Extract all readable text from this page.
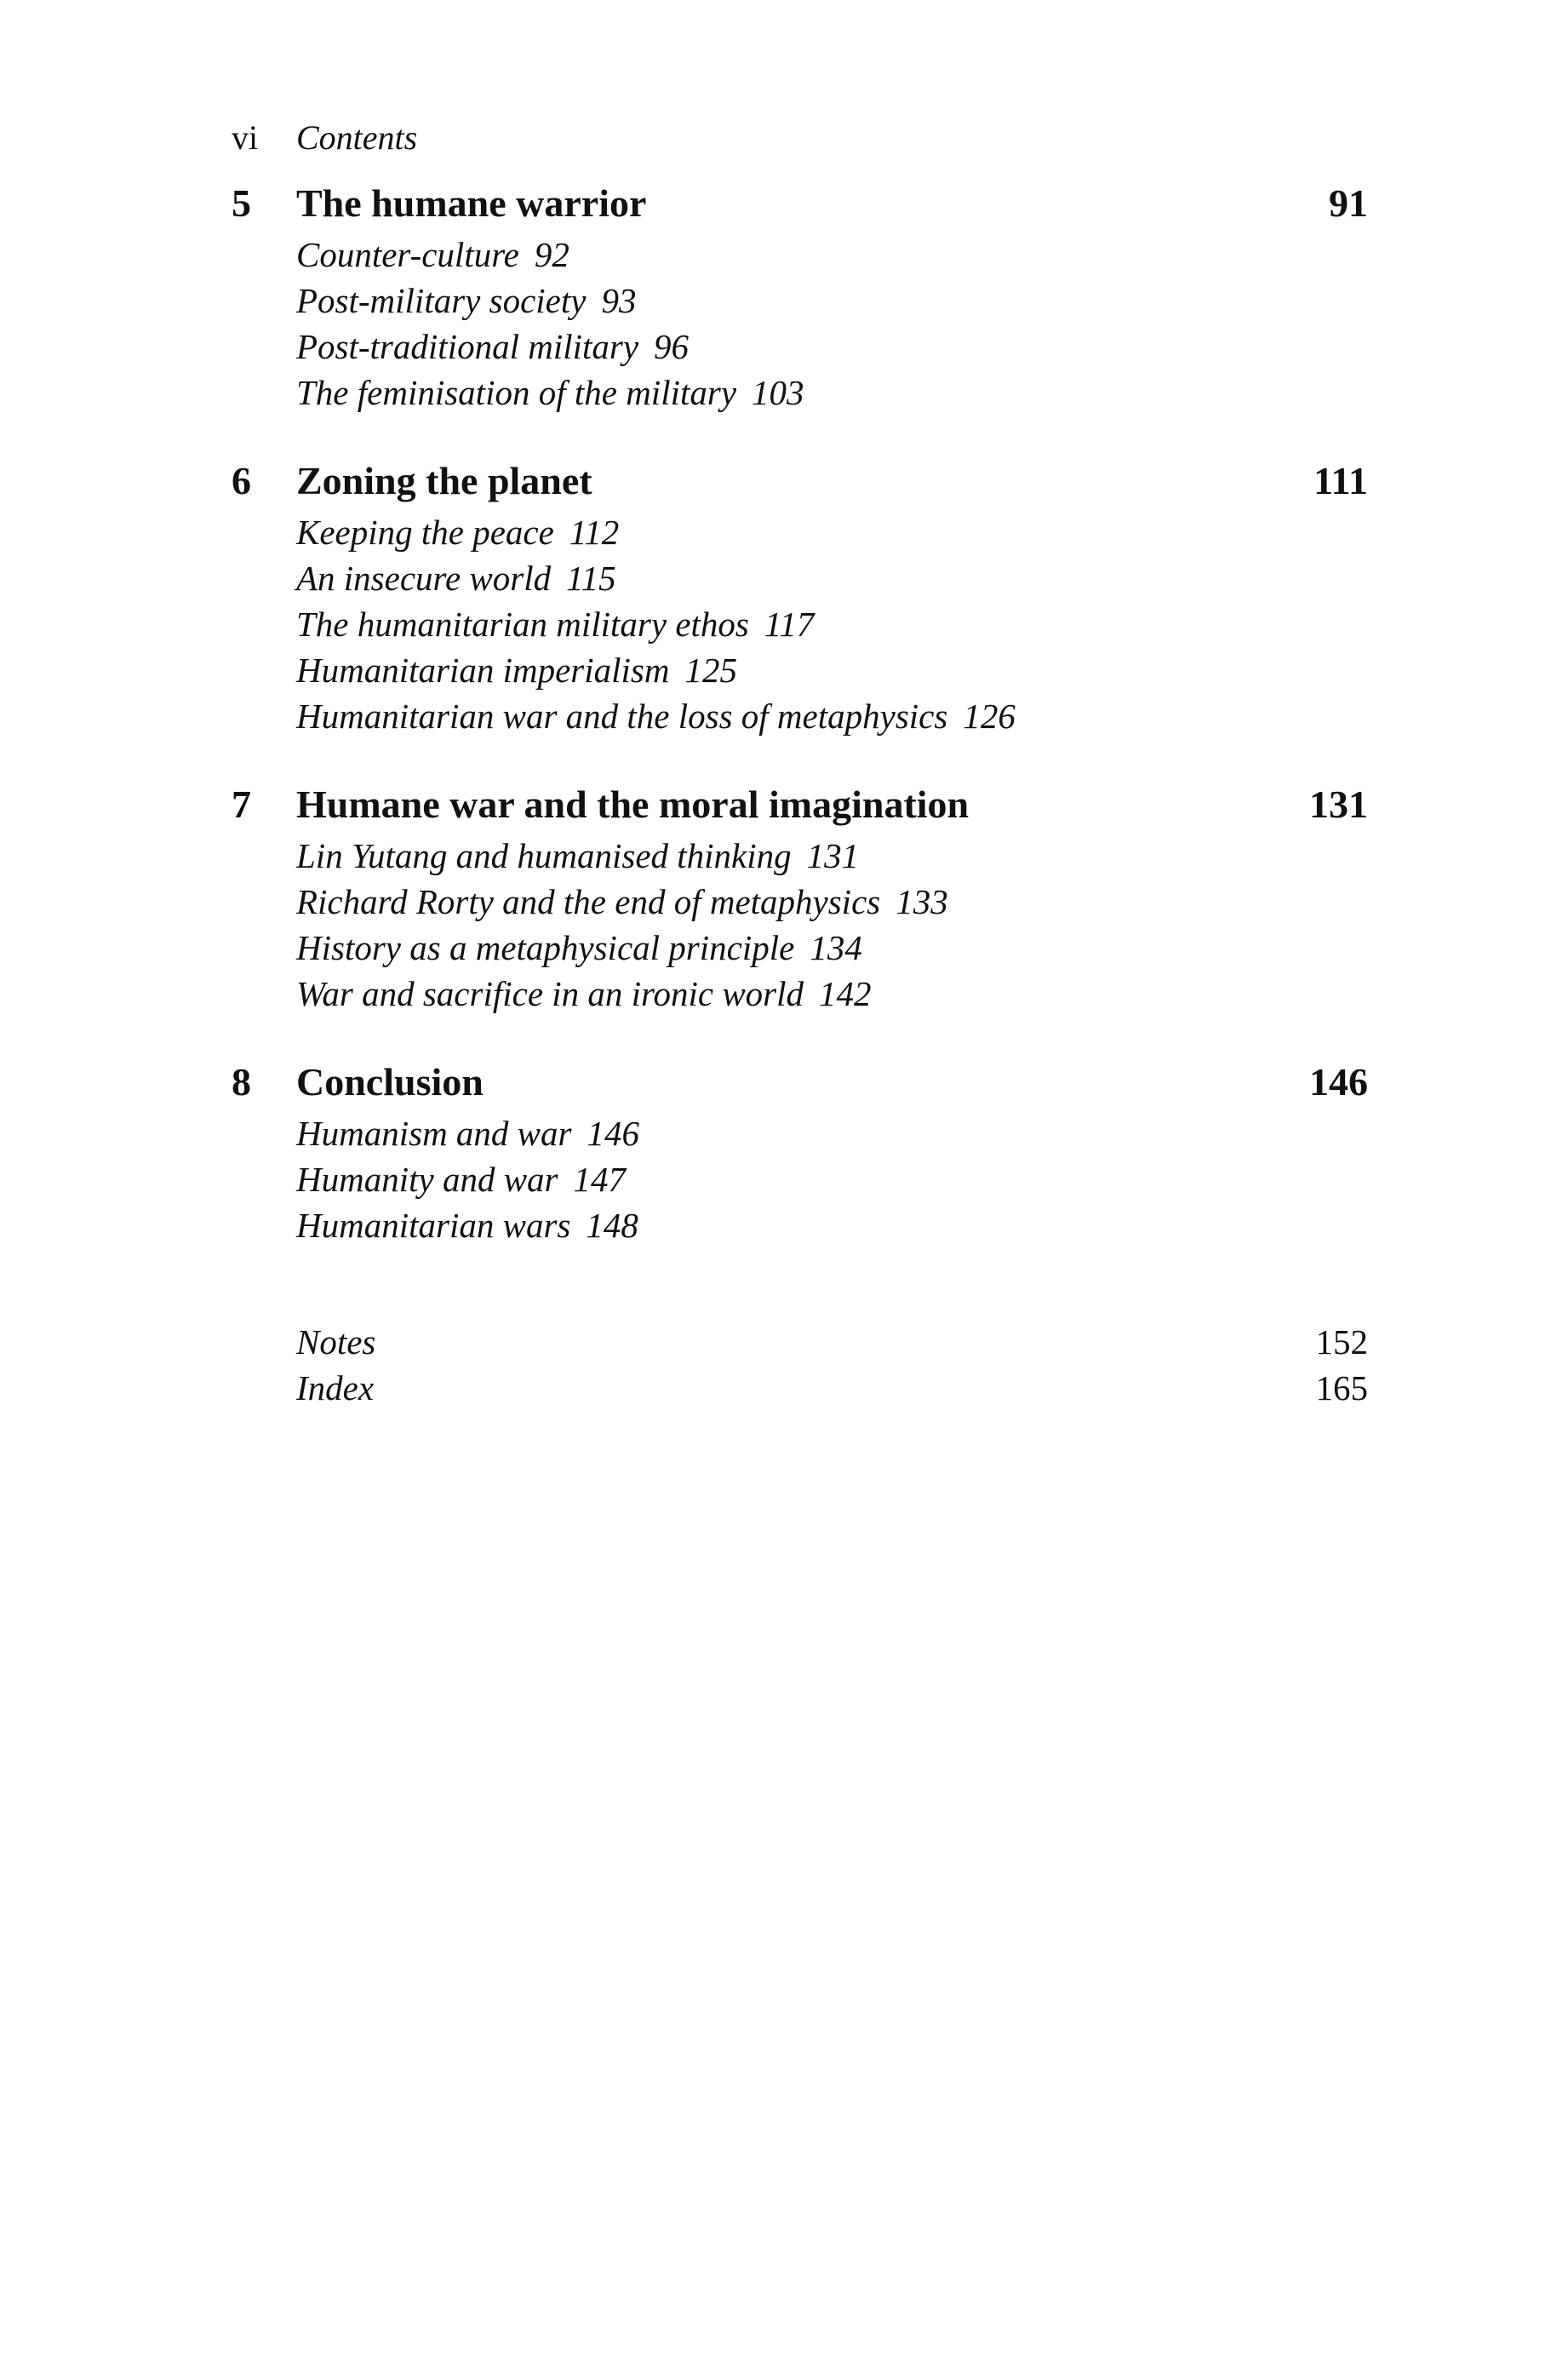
vi	Contents
5	The humane warrior	91
Counter-culture 92
Post-military society 93
Post-traditional military 96
The feminisation of the military 103
6	Zoning the planet	111
Keeping the peace 112
An insecure world 115
The humanitarian military ethos 117
Humanitarian imperialism 125
Humanitarian war and the loss of metaphysics 126
7	Humane war and the moral imagination	131
Lin Yutang and humanised thinking 131
Richard Rorty and the end of metaphysics 133
History as a metaphysical principle 134
War and sacrifice in an ironic world 142
8	Conclusion	146
Humanism and war 146
Humanity and war 147
Humanitarian wars 148
Notes	152
Index	165
